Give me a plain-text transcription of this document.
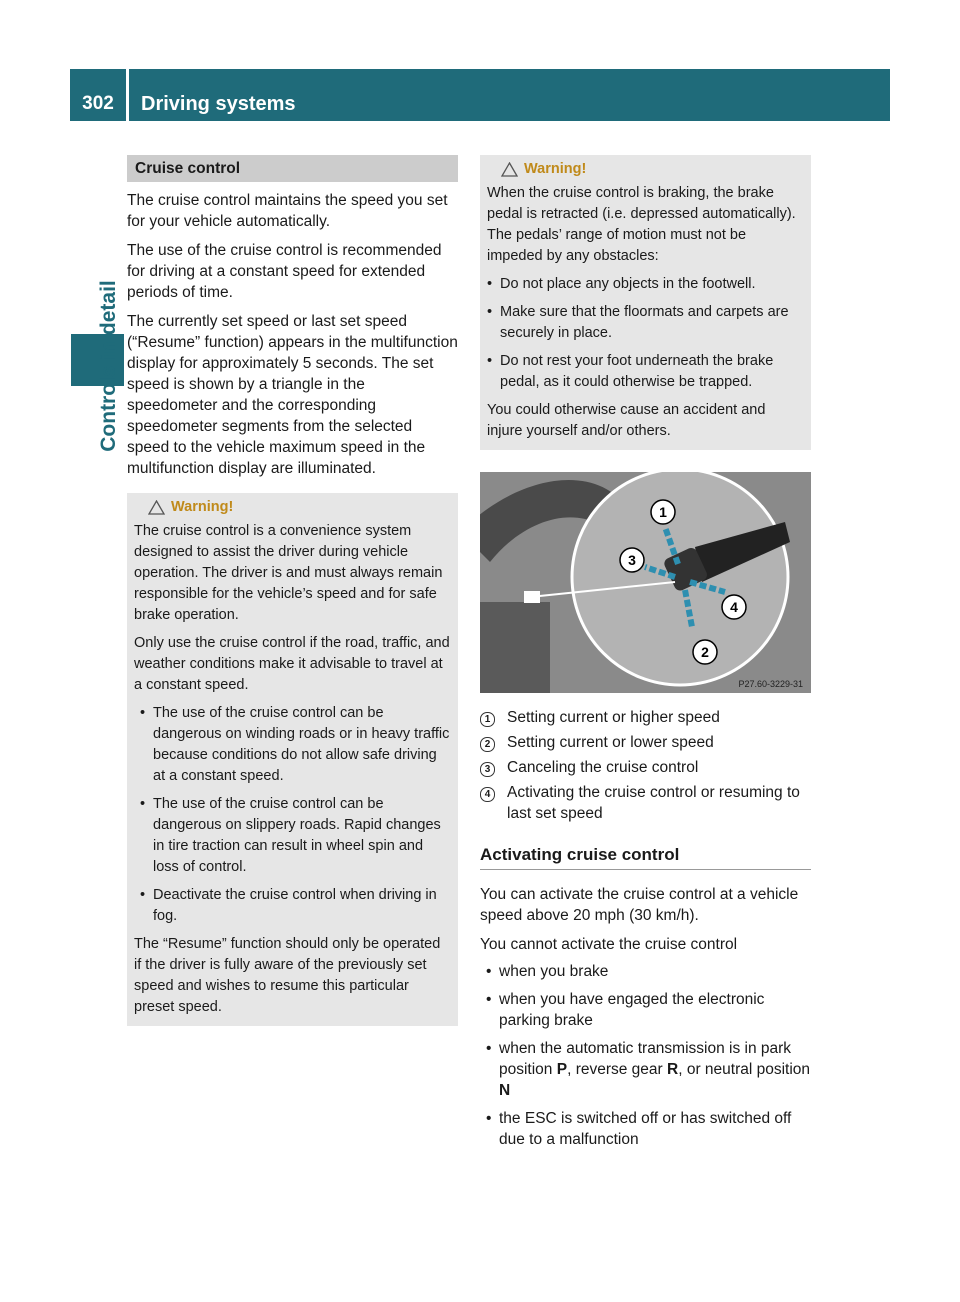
302	Driving systems
Controls in detail
Cruise control

The cruise control maintains the speed you set for your vehicle automatically.

The use of the cruise control is recommended for driving at a constant speed for extended periods of time.

The currently set speed or last set speed (“Resume” function) appears in the multifunction display for approximately 5 seconds. The set speed is shown by a triangle in the speedometer and the corresponding speedometer segments from the selected speed to the vehicle maximum speed in the multifunction display are illuminated.

Warning!

The cruise control is a convenience system designed to assist the driver during vehicle operation. The driver is and must always remain responsible for the vehicle’s speed and for safe brake operation.

Only use the cruise control if the road, traffic, and weather conditions make it advisable to travel at a constant speed.

• The use of the cruise control can be dangerous on winding roads or in heavy traffic because conditions do not allow safe driving at a constant speed.
• The use of the cruise control can be dangerous on slippery roads. Rapid changes in tire traction can result in wheel spin and loss of control.
• Deactivate the cruise control when driving in fog.

The “Resume” function should only be operated if the driver is fully aware of the previously set speed and wishes to resume this particular preset speed.

Warning!

When the cruise control is braking, the brake pedal is retracted (i.e. depressed automatically). The pedals’ range of motion must not be impeded by any obstacles:

• Do not place any objects in the footwell.
• Make sure that the floormats and carpets are securely in place.
• Do not rest your foot underneath the brake pedal, as it could otherwise be trapped.

You could otherwise cause an accident and injure yourself and/or others.

1
2
3
4
P27.60-3229-31
1	Setting current or higher speed
2	Setting current or lower speed
3	Canceling the cruise control
4	Activating the cruise control or resuming to last set speed
Activating cruise control

You can activate the cruise control at a vehicle speed above 20 mph (30 km/h).

You cannot activate the cruise control

• when you brake
• when you have engaged the electronic parking brake
• when the automatic transmission is in park position P, reverse gear R, or neutral position N
• the ESC is switched off or has switched off due to a malfunction
